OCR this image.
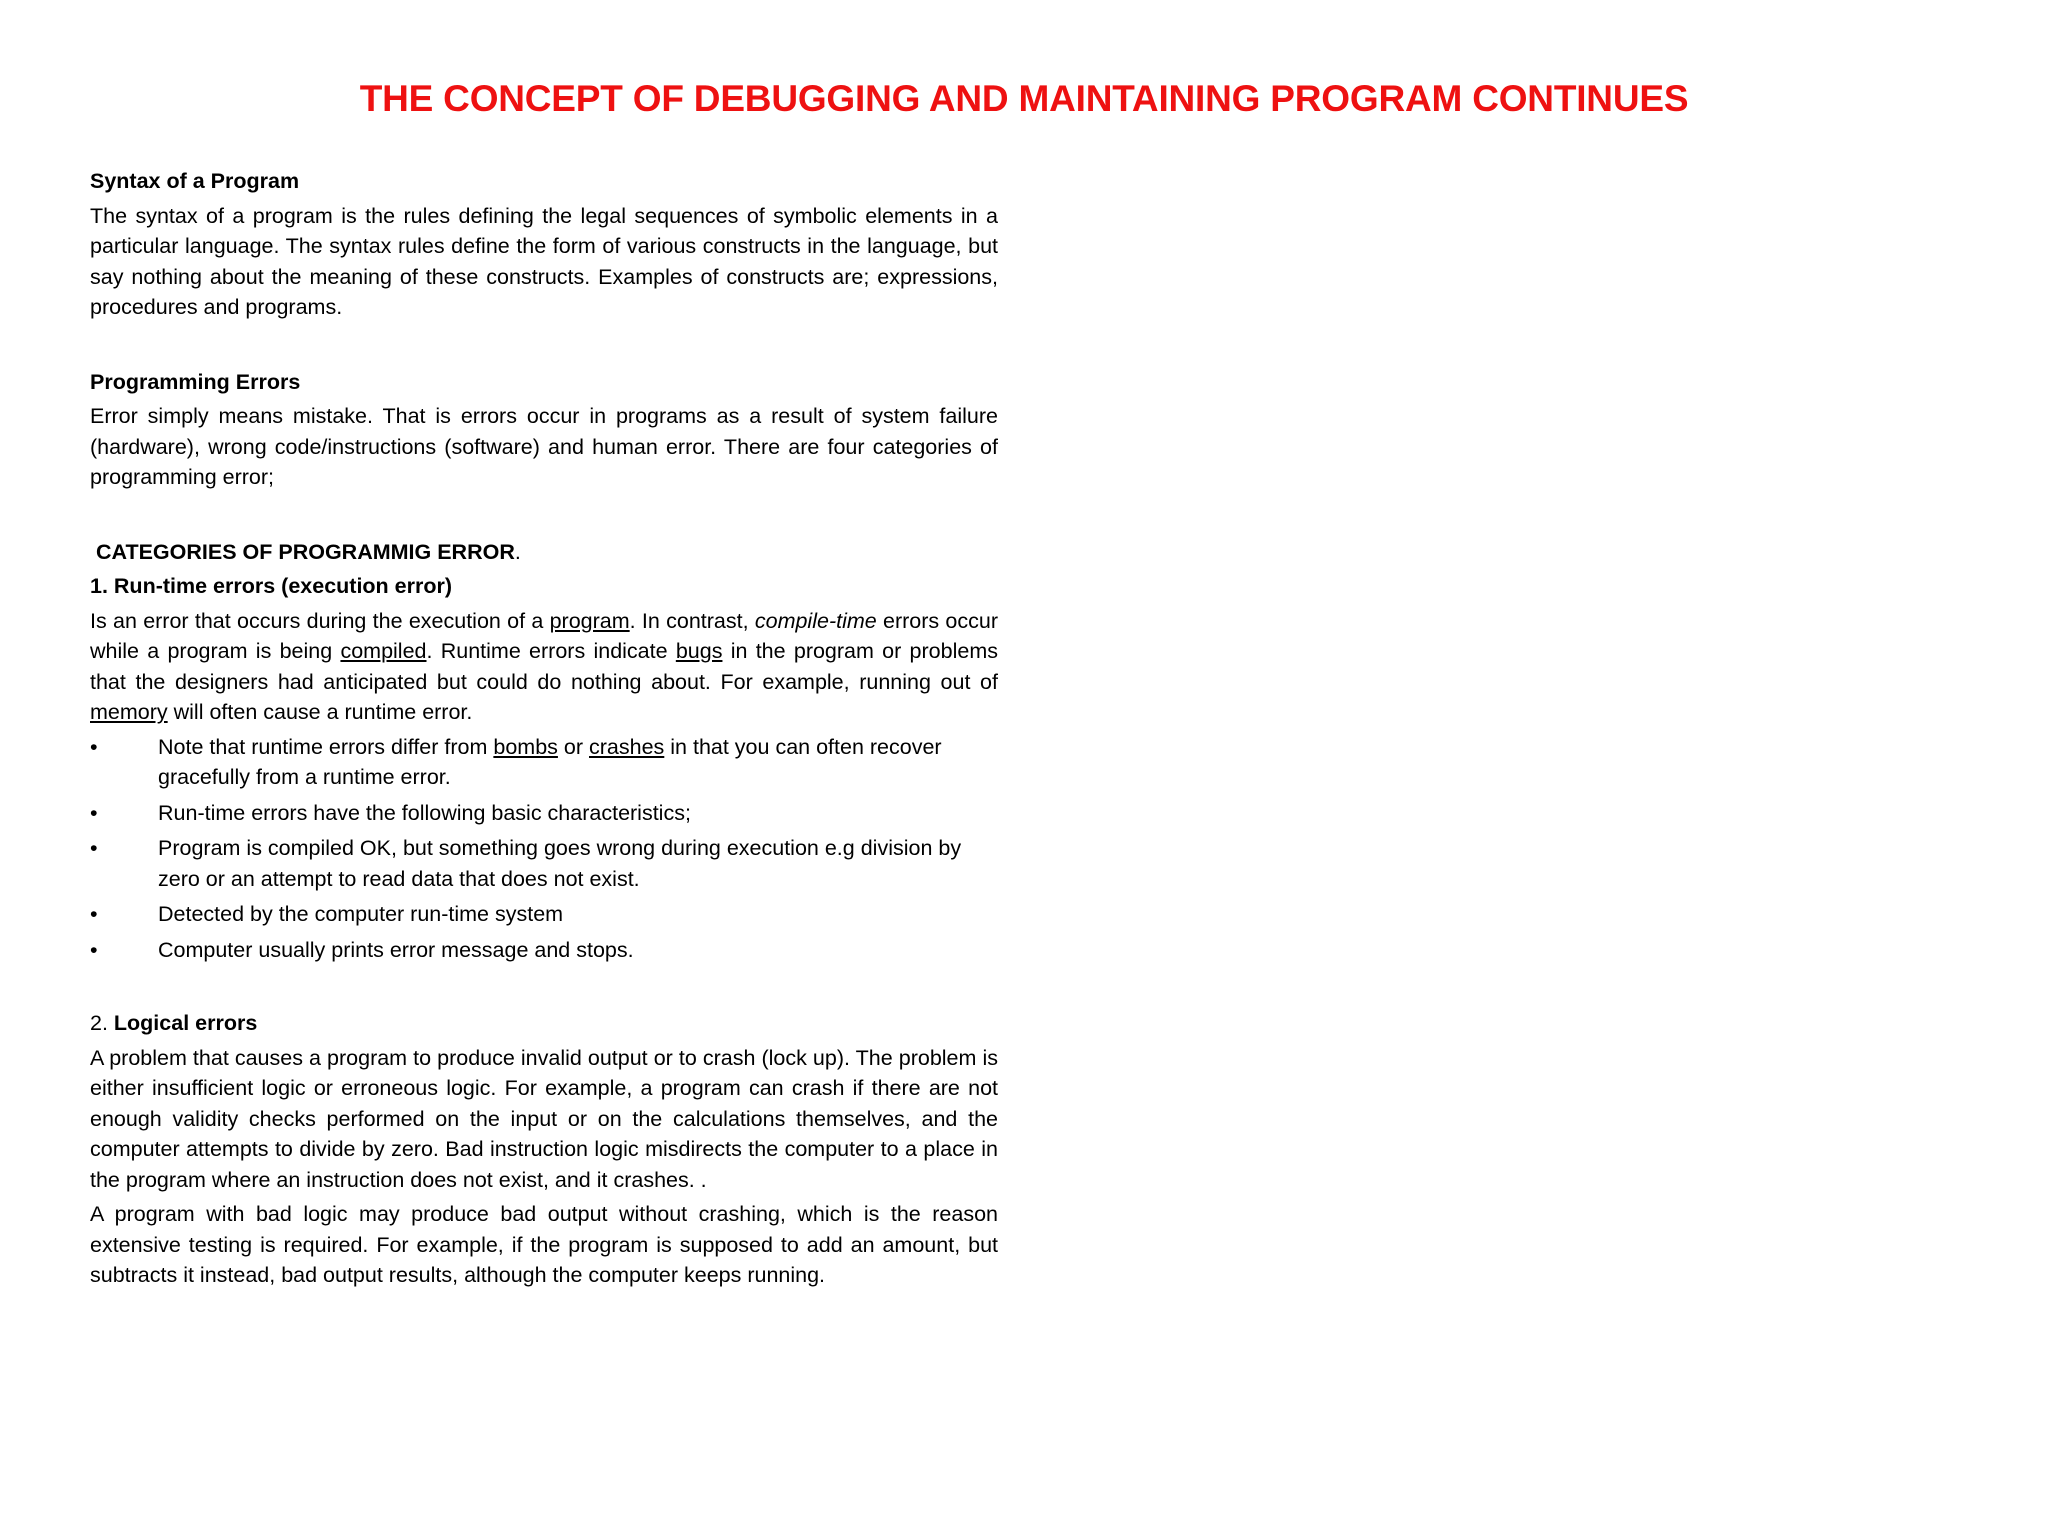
THE CONCEPT OF DEBUGGING AND MAINTAINING PROGRAM CONTINUES

Syntax of a Program

The syntax of a program is the rules defining the legal sequences of symbolic elements in a particular language. The syntax rules define the form of various constructs in the language, but say nothing about the meaning of these constructs. Examples of constructs are; expressions, procedures and programs.

Programming Errors

Error simply means mistake. That is errors occur in programs as a result of system failure (hardware), wrong code/instructions (software) and human error. There are four categories of programming error;

CATEGORIES OF PROGRAMMIG ERROR.

1. Run-time errors (execution error)

Is an error that occurs during the execution of a program. In contrast, compile-time errors occur while a program is being compiled. Runtime errors indicate bugs in the program or problems that the designers had anticipated but could do nothing about. For example, running out of memory will often cause a runtime error.

•	Note that runtime errors differ from bombs or crashes in that you can often recover gracefully from a runtime error.
•	Run-time errors have the following basic characteristics;
•	Program is compiled OK, but something goes wrong during execution e.g division by zero or an attempt to read data that does not exist.
•	Detected by the computer run-time system
•	Computer usually prints error message and stops.

2. Logical errors

A problem that causes a program to produce invalid output or to crash (lock up). The problem is either insufficient logic or erroneous logic. For example, a program can crash if there are not enough validity checks performed on the input or on the calculations themselves, and the computer attempts to divide by zero. Bad instruction logic misdirects the computer to a place in the program where an instruction does not exist, and it crashes. .

A program with bad logic may produce bad output without crashing, which is the reason extensive testing is required. For example, if the program is supposed to add an amount, but subtracts it instead, bad output results, although the computer keeps running.
